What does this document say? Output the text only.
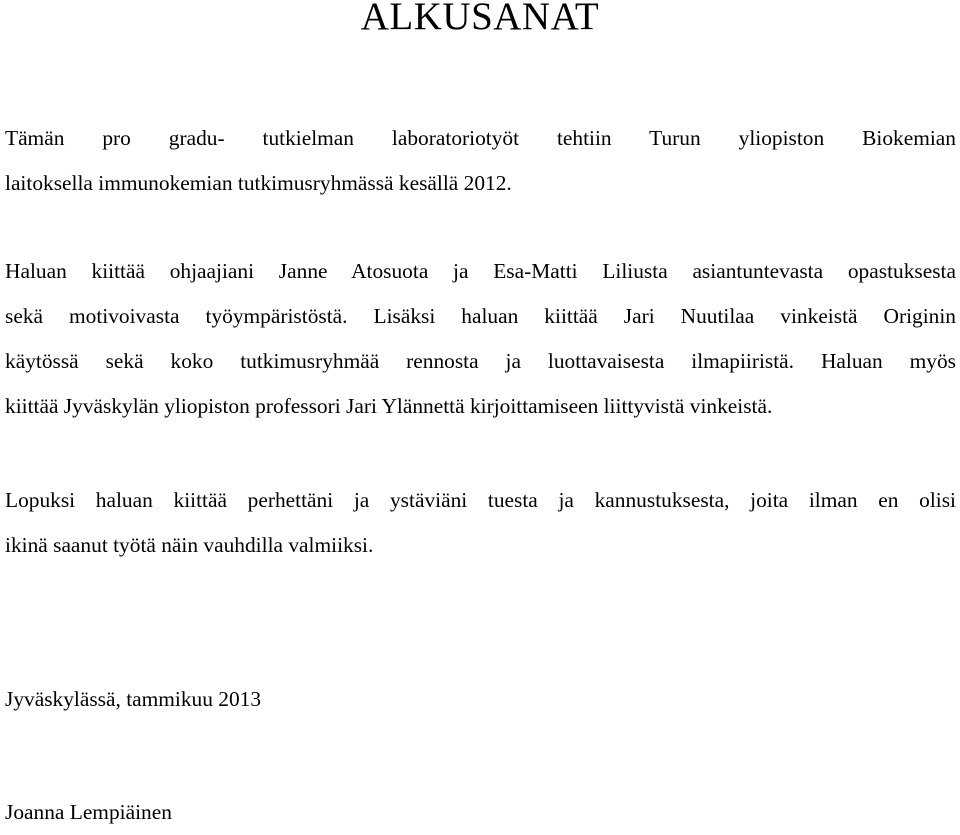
ALKUSANAT
Tämän pro gradu- tutkielman laboratoriotyöt tehtiin Turun yliopiston Biokemian
laitoksella immunokemian tutkimusryhmässä kesällä 2012.
Haluan kiittää ohjaajiani Janne Atosuota ja Esa-Matti Liliusta asiantuntevasta opastuksesta
sekä motivoivasta työympäristöstä. Lisäksi haluan kiittää Jari Nuutilaa vinkeistä Originin
käytössä sekä koko tutkimusryhmää rennosta ja luottavaisesta ilmapiiristä. Haluan myös
kiittää Jyväskylän yliopiston professori Jari Ylännettä kirjoittamiseen liittyvistä vinkeistä.
Lopuksi haluan kiittää perhettäni ja ystäviäni tuesta ja kannustuksesta, joita ilman en olisi
ikinä saanut työtä näin vauhdilla valmiiksi.

Jyväskylässä, tammikuu 2013

Joanna Lempiäinen
